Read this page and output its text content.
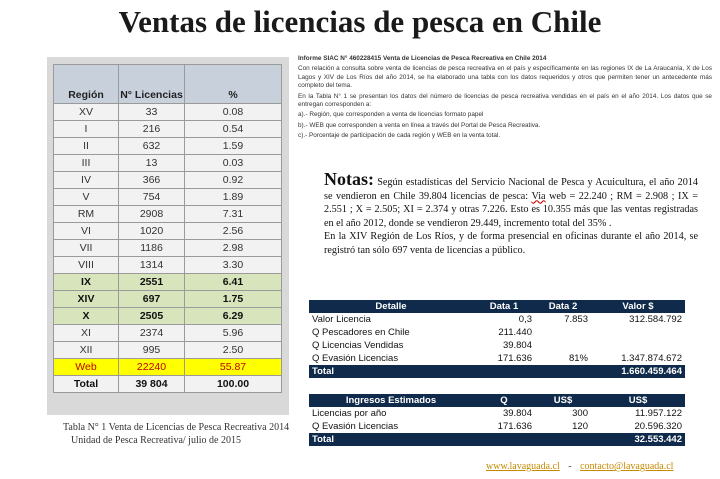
Ventas de licencias de pesca en Chile
Región	N° Licencias	%
XV	33	0.08
I	216	0.54
II	632	1.59
III	13	0.03
IV	366	0.92
V	754	1.89
RM	2908	7.31
VI	1020	2.56
VII	1186	2.98
VIII	1314	3.30
IX	2551	6.41
XIV	697	1.75
X	2505	6.29
XI	2374	5.96
XII	995	2.50
Web	22240	55.87
Total	39 804	100.00
Tabla N° 1 Venta de Licencias de Pesca Recreativa 2014
Unidad de Pesca Recreativa/ julio de 2015

Informe SIAC N° 460228415 Venta de Licencias de Pesca Recreativa en Chile 2014

Con relación a consulta sobre venta de licencias de pesca recreativa en el país y específicamente en las regiones IX de La Araucanía, X de Los Lagos y XIV de Los Ríos del año 2014, se ha elaborado una tabla con los datos requeridos y otros que permiten tener un antecedente más completo del tema.

En la Tabla N° 1 se presentan los datos del número de licencias de pesca recreativa vendidas en el país en el año 2014. Los datos que se entregan corresponden a:

a).- Región, que corresponden a venta de licencias formato papel

b).- WEB que corresponden a venta en línea a través del Portal de Pesca Recreativa.

c).- Porcentaje de participación de cada región y WEB en la venta total.

Notas: Según estadísticas del Servicio Nacional de Pesca y Acuicultura, el año 2014 se vendieron en Chile 39.804 licencias de pesca: Via web = 22.240 ; RM = 2.908 ; IX = 2.551 ; X = 2.505; XI = 2.374 y otras 7.226. Esto es 10.355 más que las ventas registradas en el año 2012, donde se vendieron 29.449, incremento total del 35% .
En la XIV Región de Los Ríos, y de forma presencial en oficinas durante el año 2014, se registró tan sólo 697 venta de licencias a público.
Detalle	Data 1	Data 2	Valor $
Valor Licencia	0,3	7.853	312.584.792
Q Pescadores en Chile	211.440		
Q Licencias Vendidas	39.804		
Q Evasión Licencias	171.636	81%	1.347.874.672
Total			1.660.459.464
Ingresos Estimados	Q	US$	US$
Licencias por año	39.804	300	11.957.122
Q Evasión Licencias	171.636	120	20.596.320
Total			32.553.442
www.lavaguada.cl - contacto@lavaguada.cl
